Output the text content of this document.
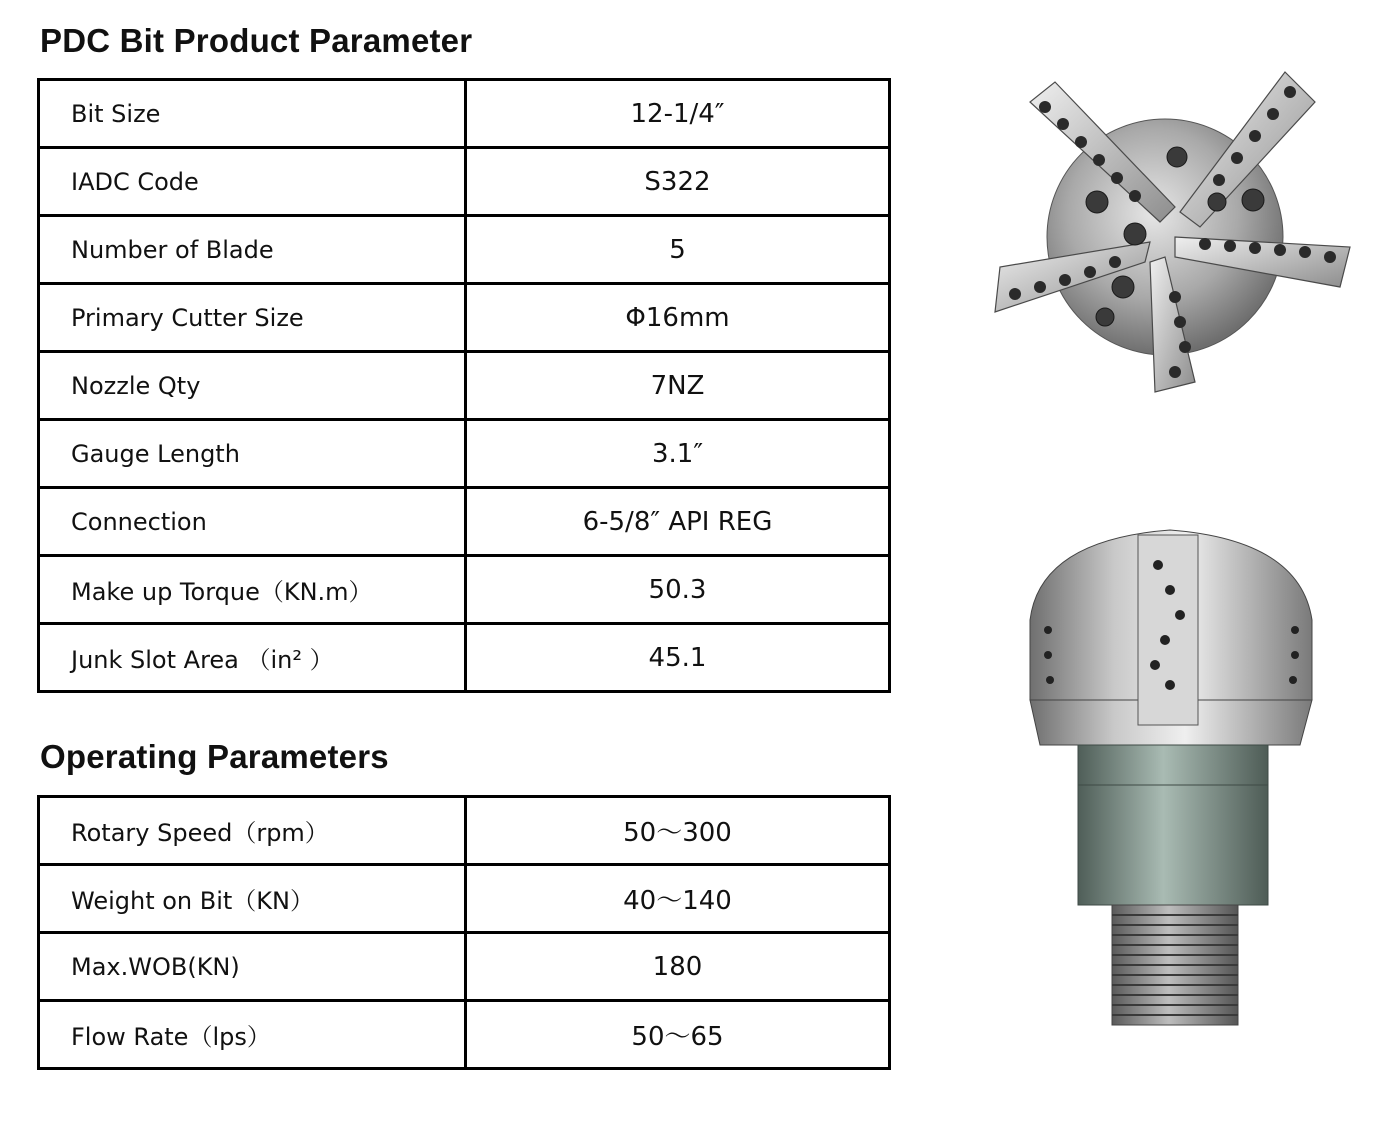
PDC Bit Product Parameter
Bit Size	12-1/4″
IADC Code	S322
Number of Blade	5
Primary Cutter Size	Φ16mm
Nozzle Qty	7NZ
Gauge Length	3.1″
Connection	6-5/8″ API REG
Make up Torque（KN.m）	50.3
Junk Slot Area （in² ）	45.1
Operating Parameters
Rotary Speed（rpm）	50～300
Weight on Bit（KN）	40～140
Max.WOB(KN)	180
Flow Rate（lps）	50～65
